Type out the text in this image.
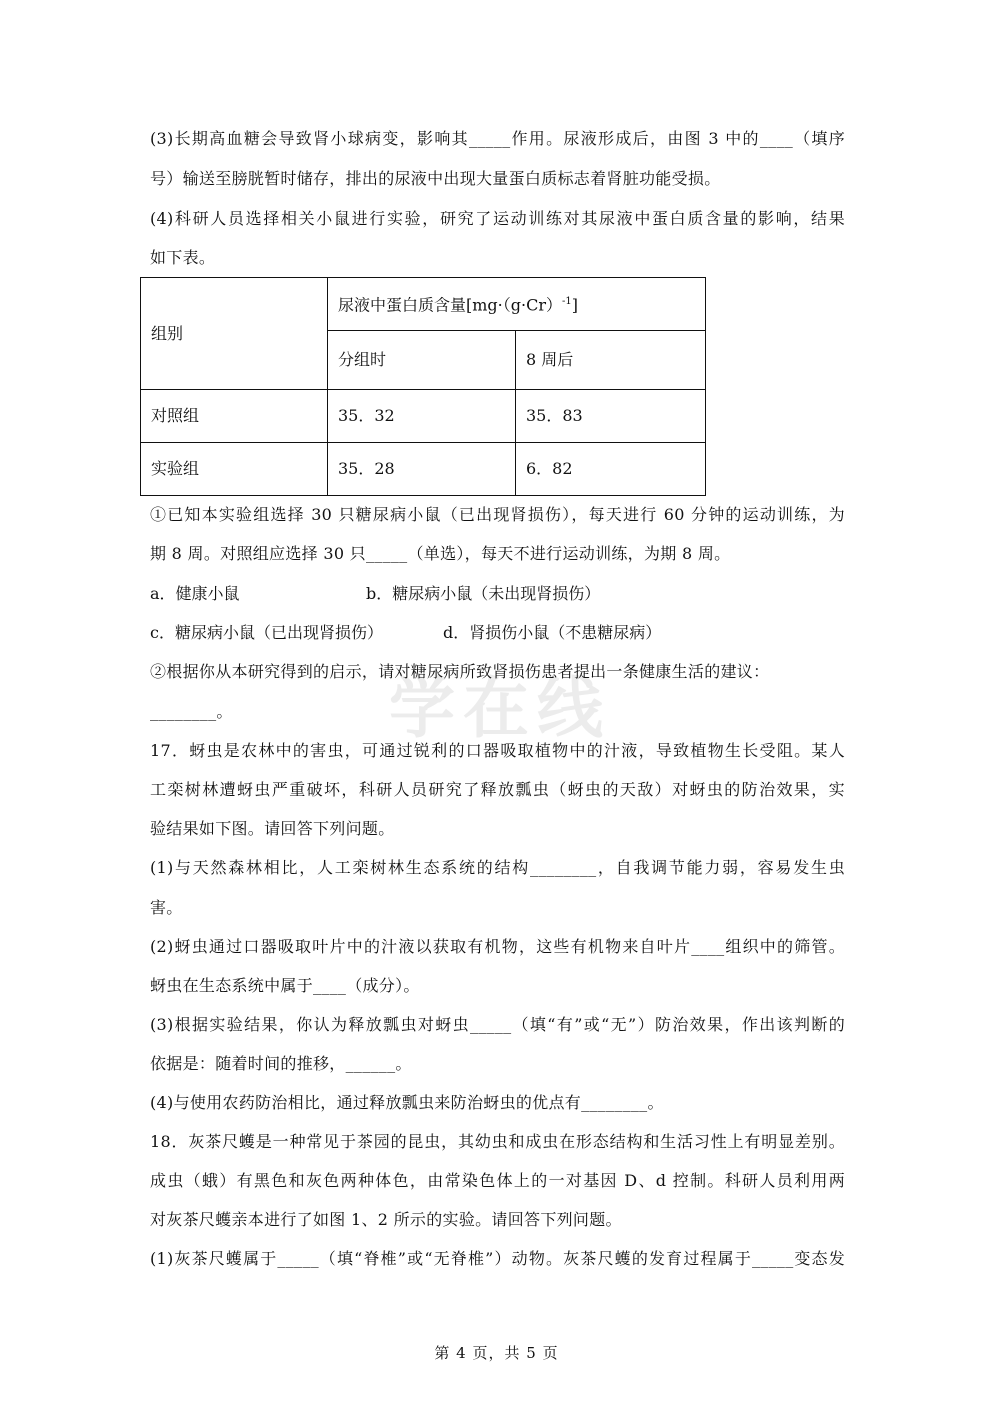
学在线
(3)长期高血糖会导致肾小球病变，影响其_____作用。尿液形成后，由图 3 中的____（填序
号）输送至膀胱暂时储存，排出的尿液中出现大量蛋白质标志着肾脏功能受损。
(4)科研人员选择相关小鼠进行实验，研究了运动训练对其尿液中蛋白质含量的影响，结果
如下表。
组别	尿液中蛋白质含量$[mg\cdot(g\cdot Cr)^{-1}]$	
	分组时	8 周后
对照组	35．32	35．83
实验组	35．28	6．82
①已知本实验组选择 30 只糖尿病小鼠（已出现肾损伤），每天进行 60 分钟的运动训练，为
期 8 周。对照组应选择 30 只_____（单选），每天不进行运动训练，为期 8 周。
a．健康小鼠	b．糖尿病小鼠（未出现肾损伤）
c．糖尿病小鼠（已出现肾损伤）	d．肾损伤小鼠（不患糖尿病）
②根据你从本研究得到的启示，请对糖尿病所致肾损伤患者提出一条健康生活的建议：
________。
17．蚜虫是农林中的害虫，可通过锐利的口器吸取植物中的汁液，导致植物生长受阻。某人
工栾树林遭蚜虫严重破坏，科研人员研究了释放瓢虫（蚜虫的天敌）对蚜虫的防治效果，实
验结果如下图。请回答下列问题。
(1)与天然森林相比，人工栾树林生态系统的结构________，自我调节能力弱，容易发生虫
害。
(2)蚜虫通过口器吸取叶片中的汁液以获取有机物，这些有机物来自叶片____组织中的筛管。
蚜虫在生态系统中属于____（成分）。
(3)根据实验结果，你认为释放瓢虫对蚜虫_____（填“有”或“无”）防治效果，作出该判断的
依据是：随着时间的推移，______。
(4)与使用农药防治相比，通过释放瓢虫来防治蚜虫的优点有________。
18．灰茶尺蠖是一种常见于茶园的昆虫，其幼虫和成虫在形态结构和生活习性上有明显差别。
成虫（蛾）有黑色和灰色两种体色，由常染色体上的一对基因 D、d 控制。科研人员利用两
对灰茶尺蠖亲本进行了如图 1、2 所示的实验。请回答下列问题。
(1)灰茶尺蠖属于_____（填“脊椎”或“无脊椎”）动物。灰茶尺蠖的发育过程属于_____变态发
第 4 页，共 5 页
